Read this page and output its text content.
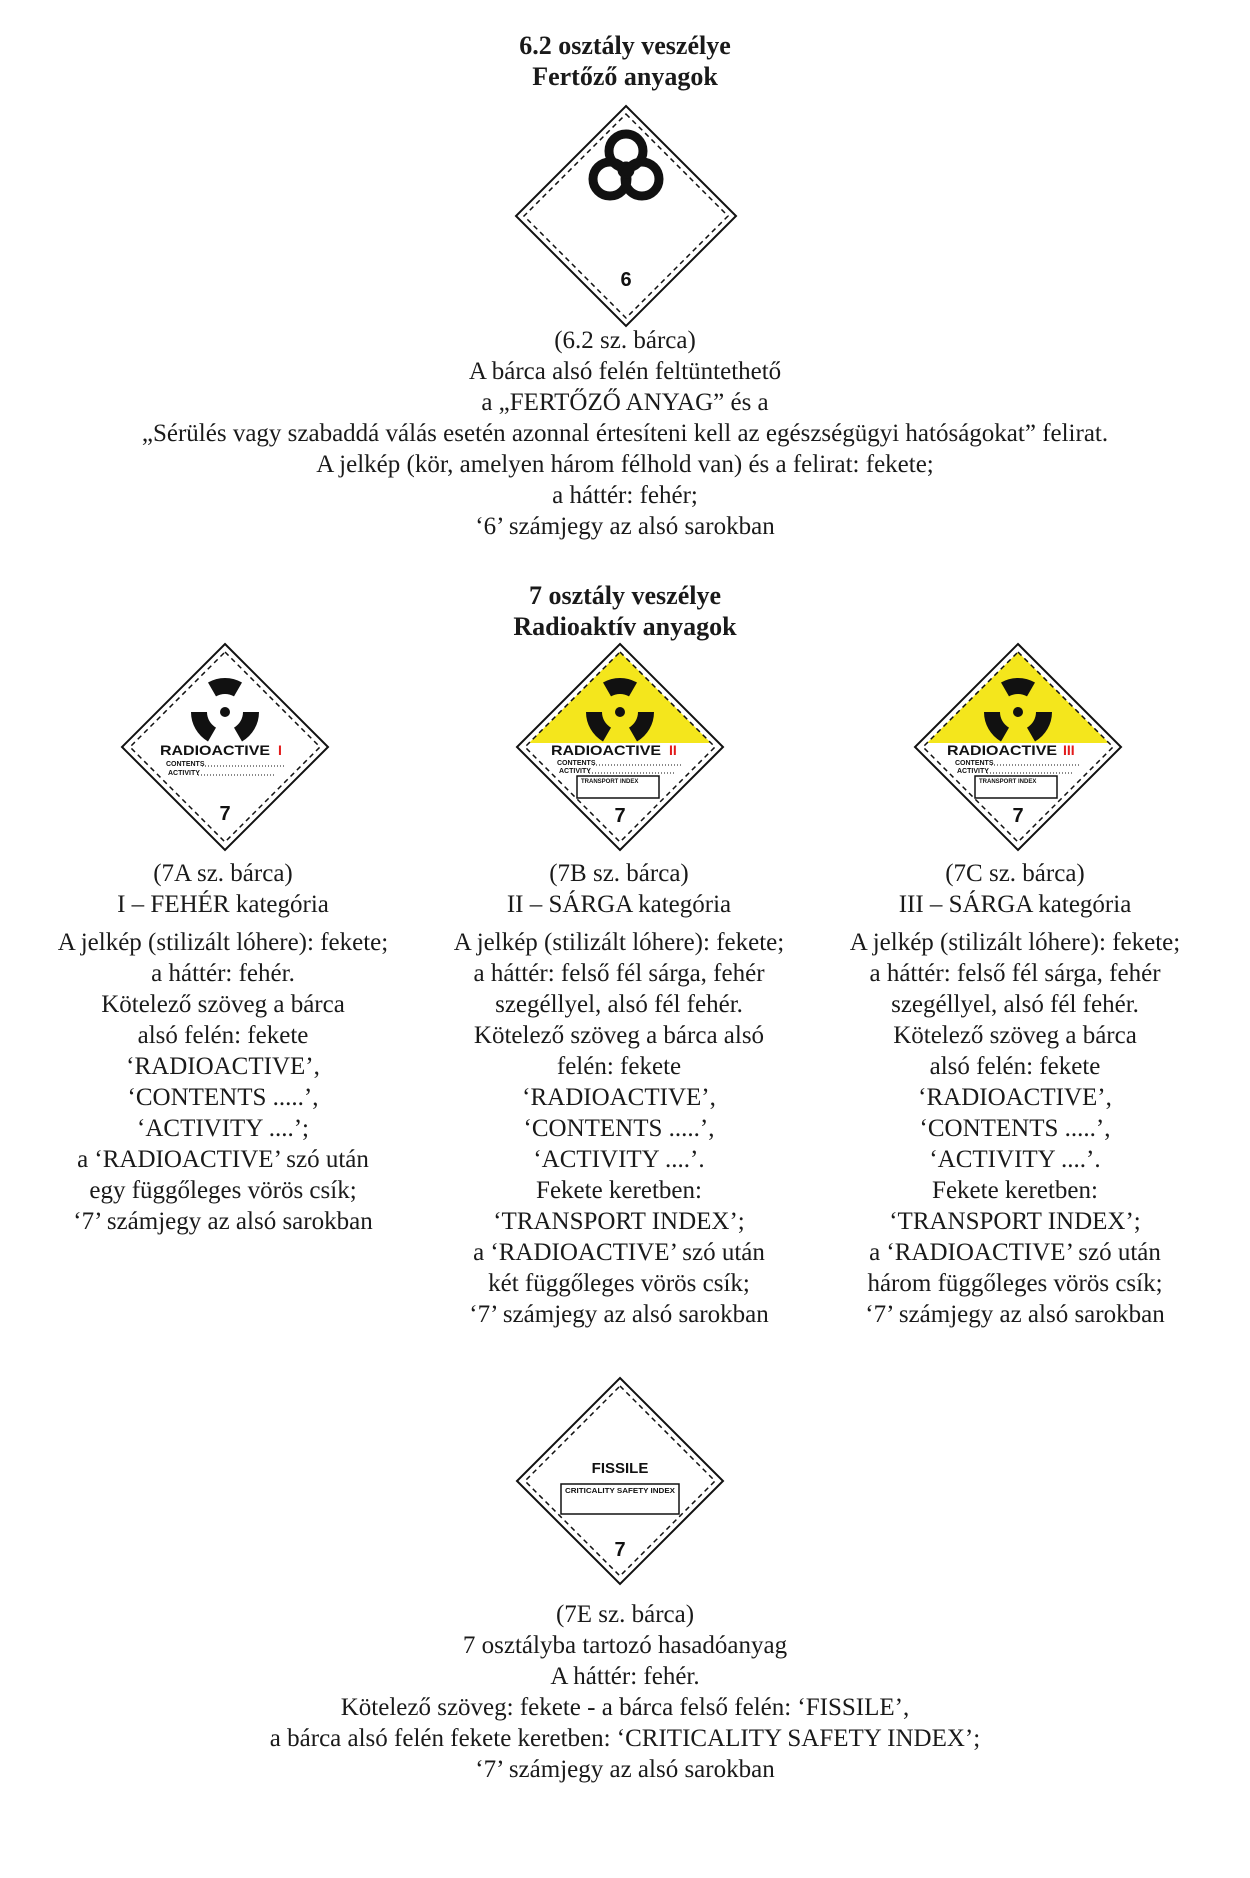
6.2 osztály veszélye
Fertőző anyagok
6
(6.2 sz. bárca)
A bárca alsó felén feltüntethető
a „FERTŐZŐ ANYAG” és a
„Sérülés vagy szabaddá válás esetén azonnal értesíteni kell az egészségügyi hatóságokat” felirat.
A jelkép (kör, amelyen három félhold van) és a felirat: fekete;
a háttér: fehér;
‘6’ számjegy az alsó sarokban
7 osztály veszélye
Radioaktív anyagok
RADIOACTIVE I
CONTENTS
ACTIVITY
7
RADIOACTIVE II
CONTENTS
ACTIVITY
TRANSPORT INDEX
7
RADIOACTIVE III
CONTENTS
ACTIVITY
TRANSPORT INDEX
7
(7A sz. bárca)
I – FEHÉR kategória
A jelkép (stilizált lóhere): fekete;
a háttér: fehér.
Kötelező szöveg a bárca
alsó felén: fekete
‘RADIOACTIVE’,
‘CONTENTS .....’,
‘ACTIVITY ....’;
a ‘RADIOACTIVE’ szó után
egy függőleges vörös csík;
‘7’ számjegy az alsó sarokban
(7B sz. bárca)
II – SÁRGA kategória
A jelkép (stilizált lóhere): fekete;
a háttér: felső fél sárga, fehér
szegéllyel, alsó fél fehér.
Kötelező szöveg a bárca alsó
felén: fekete
‘RADIOACTIVE’,
‘CONTENTS .....’,
‘ACTIVITY ....’.
Fekete keretben:
‘TRANSPORT INDEX’;
a ‘RADIOACTIVE’ szó után
két függőleges vörös csík;
‘7’ számjegy az alsó sarokban
(7C sz. bárca)
III – SÁRGA kategória
A jelkép (stilizált lóhere): fekete;
a háttér: felső fél sárga, fehér
szegéllyel, alsó fél fehér.
Kötelező szöveg a bárca
alsó felén: fekete
‘RADIOACTIVE’,
‘CONTENTS .....’,
‘ACTIVITY ....’.
Fekete keretben:
‘TRANSPORT INDEX’;
a ‘RADIOACTIVE’ szó után
három függőleges vörös csík;
‘7’ számjegy az alsó sarokban
FISSILE
CRITICALITY SAFETY INDEX
7
(7E sz. bárca)
7 osztályba tartozó hasadóanyag
A háttér: fehér.
Kötelező szöveg: fekete - a bárca felső felén: ‘FISSILE’,
a bárca alsó felén fekete keretben: ‘CRITICALITY SAFETY INDEX’;
‘7’ számjegy az alsó sarokban
